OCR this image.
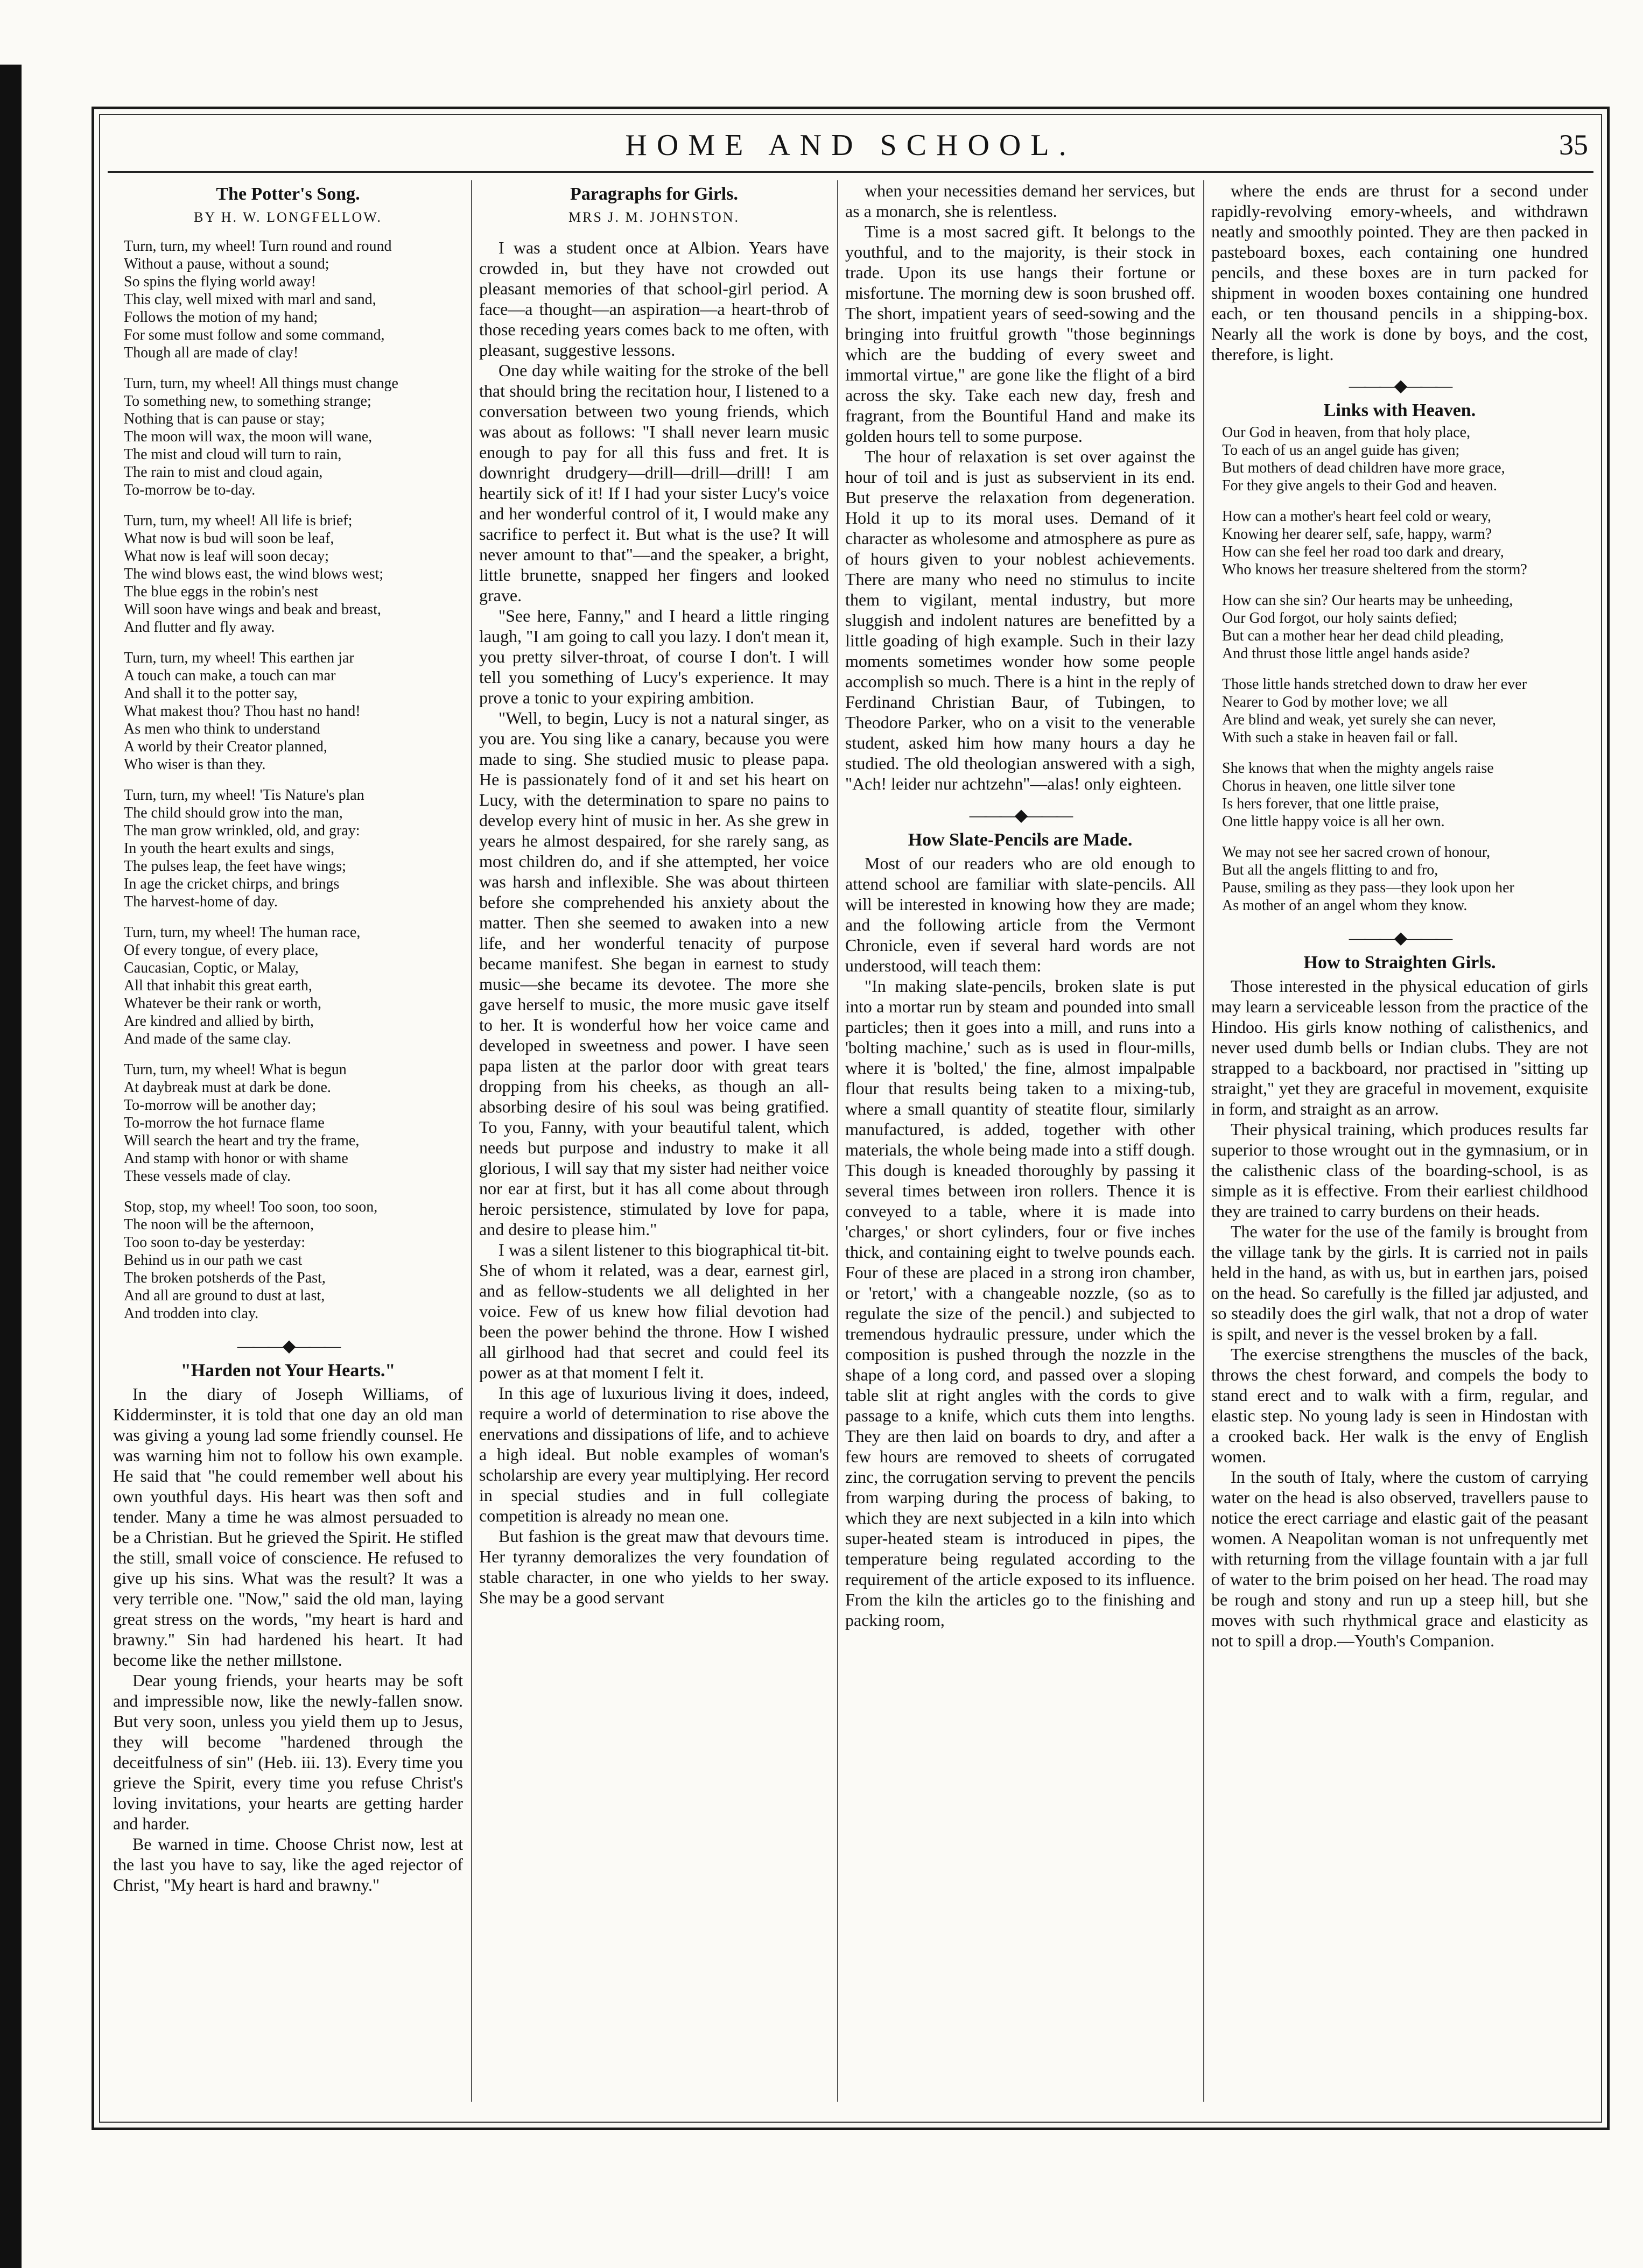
HOME AND SCHOOL.	35
The Potter's Song.
BY H. W. LONGFELLOW.
Turn, turn, my wheel! Turn round and round
Without a pause, without a sound;
So spins the flying world away!
This clay, well mixed with marl and sand,
Follows the motion of my hand;
For some must follow and some command,
Though all are made of clay!
Turn, turn, my wheel! All things must change
To something new, to something strange;
Nothing that is can pause or stay;
The moon will wax, the moon will wane,
The mist and cloud will turn to rain,
The rain to mist and cloud again,
To-morrow be to-day.
Turn, turn, my wheel! All life is brief;
What now is bud will soon be leaf,
What now is leaf will soon decay;
The wind blows east, the wind blows west;
The blue eggs in the robin's nest
Will soon have wings and beak and breast,
And flutter and fly away.
Turn, turn, my wheel! This earthen jar
A touch can make, a touch can mar
And shall it to the potter say,
What makest thou? Thou hast no hand!
As men who think to understand
A world by their Creator planned,
Who wiser is than they.
Turn, turn, my wheel! 'Tis Nature's plan
The child should grow into the man,
The man grow wrinkled, old, and gray:
In youth the heart exults and sings,
The pulses leap, the feet have wings;
In age the cricket chirps, and brings
The harvest-home of day.
Turn, turn, my wheel! The human race,
Of every tongue, of every place,
Caucasian, Coptic, or Malay,
All that inhabit this great earth,
Whatever be their rank or worth,
Are kindred and allied by birth,
And made of the same clay.
Turn, turn, my wheel! What is begun
At daybreak must at dark be done.
To-morrow will be another day;
To-morrow the hot furnace flame
Will search the heart and try the frame,
And stamp with honor or with shame
These vessels made of clay.
Stop, stop, my wheel! Too soon, too soon,
The noon will be the afternoon,
Too soon to-day be yesterday:
Behind us in our path we cast
The broken potsherds of the Past,
And all are ground to dust at last,
And trodden into clay.
———◆———
"Harden not Your Hearts."

In the diary of Joseph Williams, of Kidderminster, it is told that one day an old man was giving a young lad some friendly counsel. He was warning him not to follow his own example. He said that "he could remember well about his own youthful days. His heart was then soft and tender. Many a time he was almost persuaded to be a Christian. But he grieved the Spirit. He stifled the still, small voice of conscience. He refused to give up his sins. What was the result? It was a very terrible one. "Now," said the old man, laying great stress on the words, "my heart is hard and brawny." Sin had hardened his heart. It had become like the nether millstone.

Dear young friends, your hearts may be soft and impressible now, like the newly-fallen snow. But very soon, unless you yield them up to Jesus, they will become "hardened through the deceitfulness of sin" (Heb. iii. 13). Every time you grieve the Spirit, every time you refuse Christ's loving invitations, your hearts are getting harder and harder.

Be warned in time. Choose Christ now, lest at the last you have to say, like the aged rejector of Christ, "My heart is hard and brawny."

Paragraphs for Girls.
MRS J. M. JOHNSTON.

I was a student once at Albion. Years have crowded in, but they have not crowded out pleasant memories of that school-girl period. A face—a thought—an aspiration—a heart-throb of those receding years comes back to me often, with pleasant, suggestive lessons.

One day while waiting for the stroke of the bell that should bring the recitation hour, I listened to a conversation between two young friends, which was about as follows: "I shall never learn music enough to pay for all this fuss and fret. It is downright drudgery—drill—drill—drill! I am heartily sick of it! If I had your sister Lucy's voice and her wonderful control of it, I would make any sacrifice to perfect it. But what is the use? It will never amount to that"—and the speaker, a bright, little brunette, snapped her fingers and looked grave.

"See here, Fanny," and I heard a little ringing laugh, "I am going to call you lazy. I don't mean it, you pretty silver-throat, of course I don't. I will tell you something of Lucy's experience. It may prove a tonic to your expiring ambition.

"Well, to begin, Lucy is not a natural singer, as you are. You sing like a canary, because you were made to sing. She studied music to please papa. He is passionately fond of it and set his heart on Lucy, with the determination to spare no pains to develop every hint of music in her. As she grew in years he almost despaired, for she rarely sang, as most children do, and if she attempted, her voice was harsh and inflexible. She was about thirteen before she comprehended his anxiety about the matter. Then she seemed to awaken into a new life, and her wonderful tenacity of purpose became manifest. She began in earnest to study music—she became its devotee. The more she gave herself to music, the more music gave itself to her. It is wonderful how her voice came and developed in sweetness and power. I have seen papa listen at the parlor door with great tears dropping from his cheeks, as though an all-absorbing desire of his soul was being gratified. To you, Fanny, with your beautiful talent, which needs but purpose and industry to make it all glorious, I will say that my sister had neither voice nor ear at first, but it has all come about through heroic persistence, stimulated by love for papa, and desire to please him."

I was a silent listener to this biographical tit-bit. She of whom it related, was a dear, earnest girl, and as fellow-students we all delighted in her voice. Few of us knew how filial devotion had been the power behind the throne. How I wished all girlhood had that secret and could feel its power as at that moment I felt it.

In this age of luxurious living it does, indeed, require a world of determination to rise above the enervations and dissipations of life, and to achieve a high ideal. But noble examples of woman's scholarship are every year multiplying. Her record in special studies and in full collegiate competition is already no mean one.

But fashion is the great maw that devours time. Her tyranny demoralizes the very foundation of stable character, in one who yields to her sway. She may be a good servant

when your necessities demand her services, but as a monarch, she is relentless.

Time is a most sacred gift. It belongs to the youthful, and to the majority, is their stock in trade. Upon its use hangs their fortune or misfortune. The morning dew is soon brushed off. The short, impatient years of seed-sowing and the bringing into fruitful growth "those beginnings which are the budding of every sweet and immortal virtue," are gone like the flight of a bird across the sky. Take each new day, fresh and fragrant, from the Bountiful Hand and make its golden hours tell to some purpose.

The hour of relaxation is set over against the hour of toil and is just as subservient in its end. But preserve the relaxation from degeneration. Hold it up to its moral uses. Demand of it character as wholesome and atmosphere as pure as of hours given to your noblest achievements. There are many who need no stimulus to incite them to vigilant, mental industry, but more sluggish and indolent natures are benefitted by a little goading of high example. Such in their lazy moments sometimes wonder how some people accomplish so much. There is a hint in the reply of Ferdinand Christian Baur, of Tubingen, to Theodore Parker, who on a visit to the venerable student, asked him how many hours a day he studied. The old theologian answered with a sigh, "Ach! leider nur achtzehn"—alas! only eighteen.

———◆———
How Slate-Pencils are Made.

Most of our readers who are old enough to attend school are familiar with slate-pencils. All will be interested in knowing how they are made; and the following article from the Vermont Chronicle, even if several hard words are not understood, will teach them:

"In making slate-pencils, broken slate is put into a mortar run by steam and pounded into small particles; then it goes into a mill, and runs into a 'bolting machine,' such as is used in flour-mills, where it is 'bolted,' the fine, almost impalpable flour that results being taken to a mixing-tub, where a small quantity of steatite flour, similarly manufactured, is added, together with other materials, the whole being made into a stiff dough. This dough is kneaded thoroughly by passing it several times between iron rollers. Thence it is conveyed to a table, where it is made into 'charges,' or short cylinders, four or five inches thick, and containing eight to twelve pounds each. Four of these are placed in a strong iron chamber, or 'retort,' with a changeable nozzle, (so as to regulate the size of the pencil.) and subjected to tremendous hydraulic pressure, under which the composition is pushed through the nozzle in the shape of a long cord, and passed over a sloping table slit at right angles with the cords to give passage to a knife, which cuts them into lengths. They are then laid on boards to dry, and after a few hours are removed to sheets of corrugated zinc, the corrugation serving to prevent the pencils from warping during the process of baking, to which they are next subjected in a kiln into which super-heated steam is introduced in pipes, the temperature being regulated according to the requirement of the article exposed to its influence. From the kiln the articles go to the finishing and packing room,

where the ends are thrust for a second under rapidly-revolving emory-wheels, and withdrawn neatly and smoothly pointed. They are then packed in pasteboard boxes, each containing one hundred pencils, and these boxes are in turn packed for shipment in wooden boxes containing one hundred each, or ten thousand pencils in a shipping-box. Nearly all the work is done by boys, and the cost, therefore, is light.

———◆———
Links with Heaven.
Our God in heaven, from that holy place,
To each of us an angel guide has given;
But mothers of dead children have more grace,
For they give angels to their God and heaven.
How can a mother's heart feel cold or weary,
Knowing her dearer self, safe, happy, warm?
How can she feel her road too dark and dreary,
Who knows her treasure sheltered from the storm?
How can she sin? Our hearts may be unheeding,
Our God forgot, our holy saints defied;
But can a mother hear her dead child pleading,
And thrust those little angel hands aside?
Those little hands stretched down to draw her ever
Nearer to God by mother love; we all
Are blind and weak, yet surely she can never,
With such a stake in heaven fail or fall.
She knows that when the mighty angels raise
Chorus in heaven, one little silver tone
Is hers forever, that one little praise,
One little happy voice is all her own.
We may not see her sacred crown of honour,
But all the angels flitting to and fro,
Pause, smiling as they pass—they look upon her
As mother of an angel whom they know.
———◆———
How to Straighten Girls.

Those interested in the physical education of girls may learn a serviceable lesson from the practice of the Hindoo. His girls know nothing of calisthenics, and never used dumb bells or Indian clubs. They are not strapped to a backboard, nor practised in "sitting up straight," yet they are graceful in movement, exquisite in form, and straight as an arrow.

Their physical training, which produces results far superior to those wrought out in the gymnasium, or in the calisthenic class of the boarding-school, is as simple as it is effective. From their earliest childhood they are trained to carry burdens on their heads.

The water for the use of the family is brought from the village tank by the girls. It is carried not in pails held in the hand, as with us, but in earthen jars, poised on the head. So carefully is the filled jar adjusted, and so steadily does the girl walk, that not a drop of water is spilt, and never is the vessel broken by a fall.

The exercise strengthens the muscles of the back, throws the chest forward, and compels the body to stand erect and to walk with a firm, regular, and elastic step. No young lady is seen in Hindostan with a crooked back. Her walk is the envy of English women.

In the south of Italy, where the custom of carrying water on the head is also observed, travellers pause to notice the erect carriage and elastic gait of the peasant women. A Neapolitan woman is not unfrequently met with returning from the village fountain with a jar full of water to the brim poised on her head. The road may be rough and stony and run up a steep hill, but she moves with such rhythmical grace and elasticity as not to spill a drop.—Youth's Companion.
